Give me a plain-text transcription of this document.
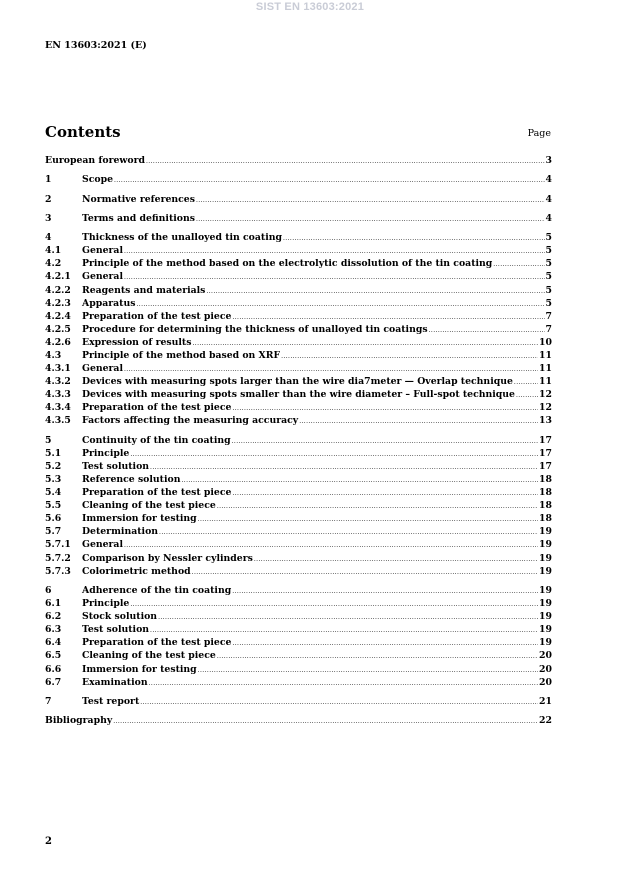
SIST EN 13603:2021
EN 13603:2021 (E)
Contents	Page
European foreword .....	3
1	Scope .....	4
2	Normative references .....	4
3	Terms and definitions .....	4
4	Thickness of the unalloyed tin coating .....	5
4.1	General .....	5
4.2	Principle of the method based on the electrolytic dissolution of the tin coating .....	5
4.2.1	General .....	5
4.2.2	Reagents and materials .....	5
4.2.3	Apparatus .....	5
4.2.4	Preparation of the test piece .....	7
4.2.5	Procedure for determining the thickness of unalloyed tin coatings .....	7
4.2.6	Expression of results .....	10
4.3	Principle of the method based on XRF .....	11
4.3.1	General .....	11
4.3.2	Devices with measuring spots larger than the wire dia7meter — Overlap technique .....	11
4.3.3	Devices with measuring spots smaller than the wire diameter – Full-spot technique .....	12
4.3.4	Preparation of the test piece .....	12
4.3.5	Factors affecting the measuring accuracy .....	13
5	Continuity of the tin coating .....	17
5.1	Principle .....	17
5.2	Test solution .....	17
5.3	Reference solution .....	18
5.4	Preparation of the test piece .....	18
5.5	Cleaning of the test piece .....	18
5.6	Immersion for testing .....	18
5.7	Determination .....	19
5.7.1	General .....	19
5.7.2	Comparison by Nessler cylinders .....	19
5.7.3	Colorimetric method .....	19
6	Adherence of the tin coating .....	19
6.1	Principle .....	19
6.2	Stock solution .....	19
6.3	Test solution .....	19
6.4	Preparation of the test piece .....	19
6.5	Cleaning of the test piece .....	20
6.6	Immersion for testing .....	20
6.7	Examination .....	20
7	Test report .....	21
Bibliography .....	22
2
